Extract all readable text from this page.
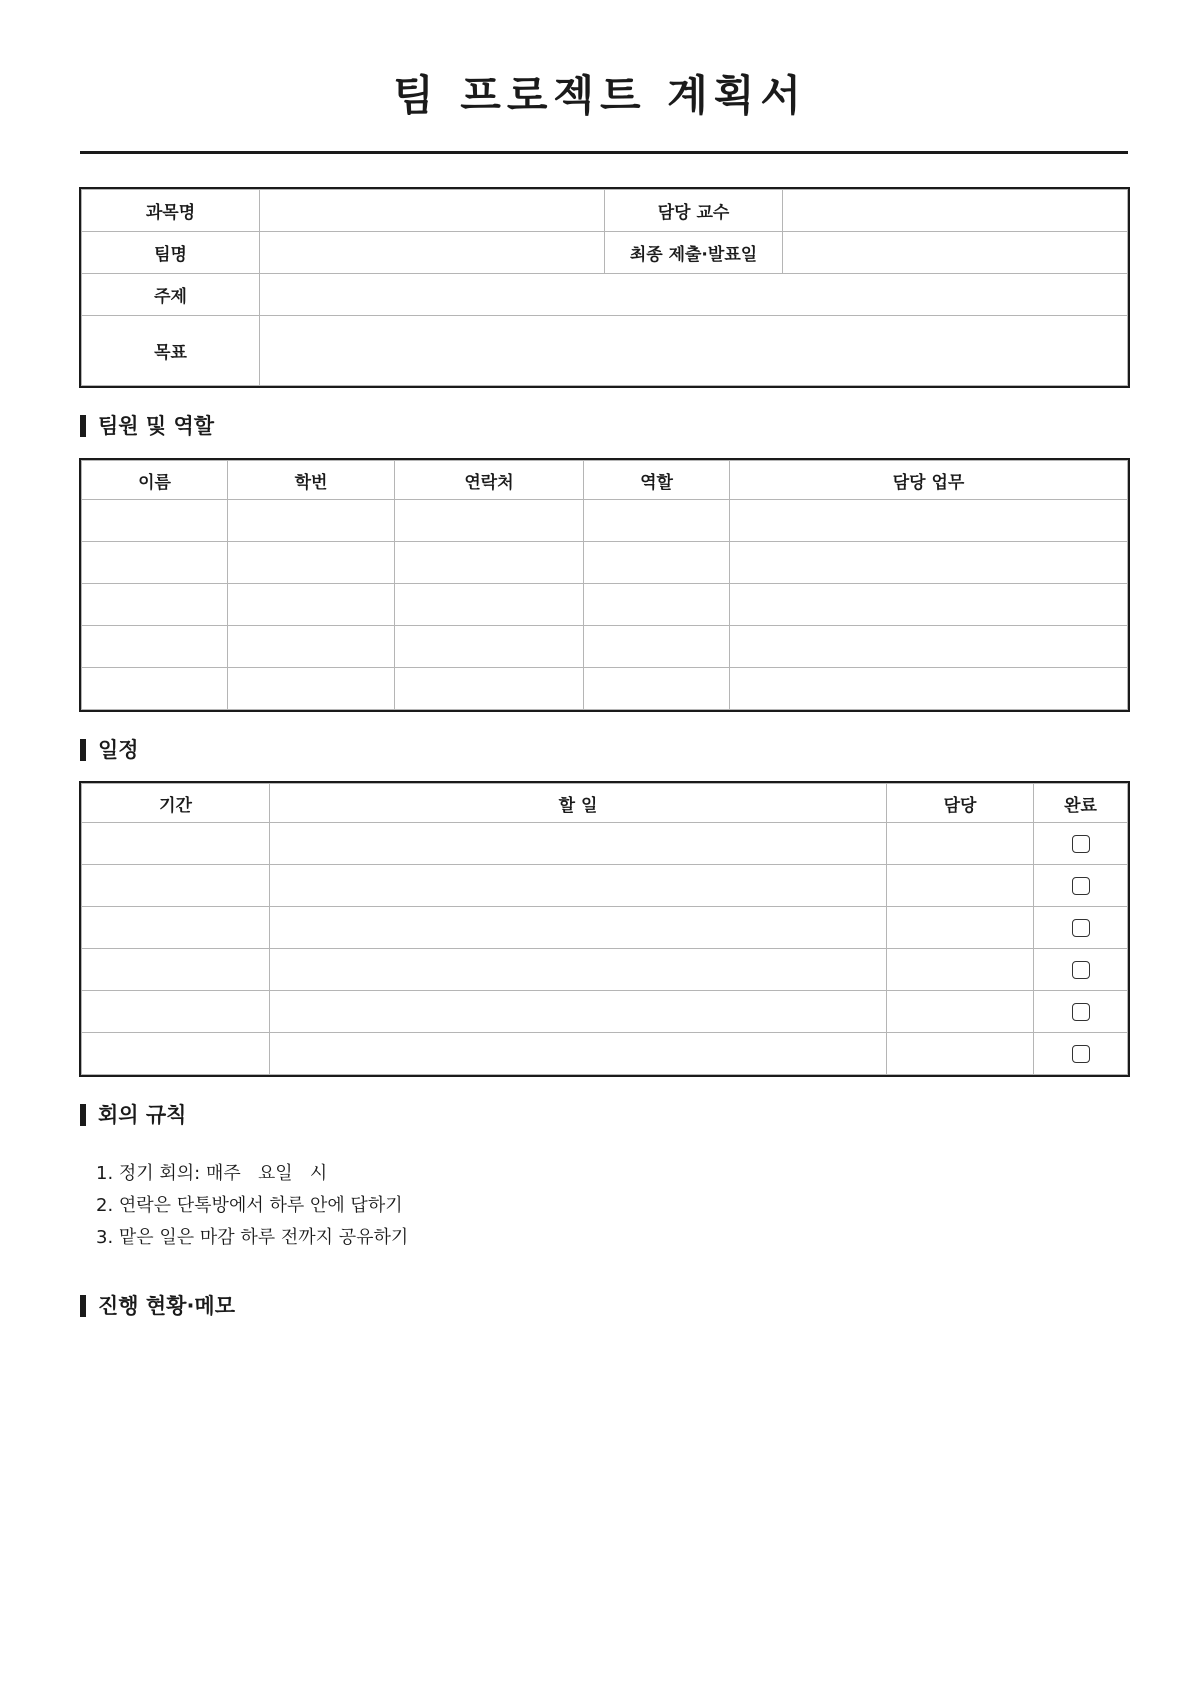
팀 프로젝트 계획서
과목명		담당 교수	
팀명		최종 제출·발표일	
주제			
목표			
팀원 및 역할
이름	학번	연락처	역할	담당 업무

일정
기간	할 일	담당	완료

회의 규칙
1. 정기 회의: 매주   요일   시
2. 연락은 단톡방에서 하루 안에 답하기
3. 맡은 일은 마감 하루 전까지 공유하기
진행 현황·메모
